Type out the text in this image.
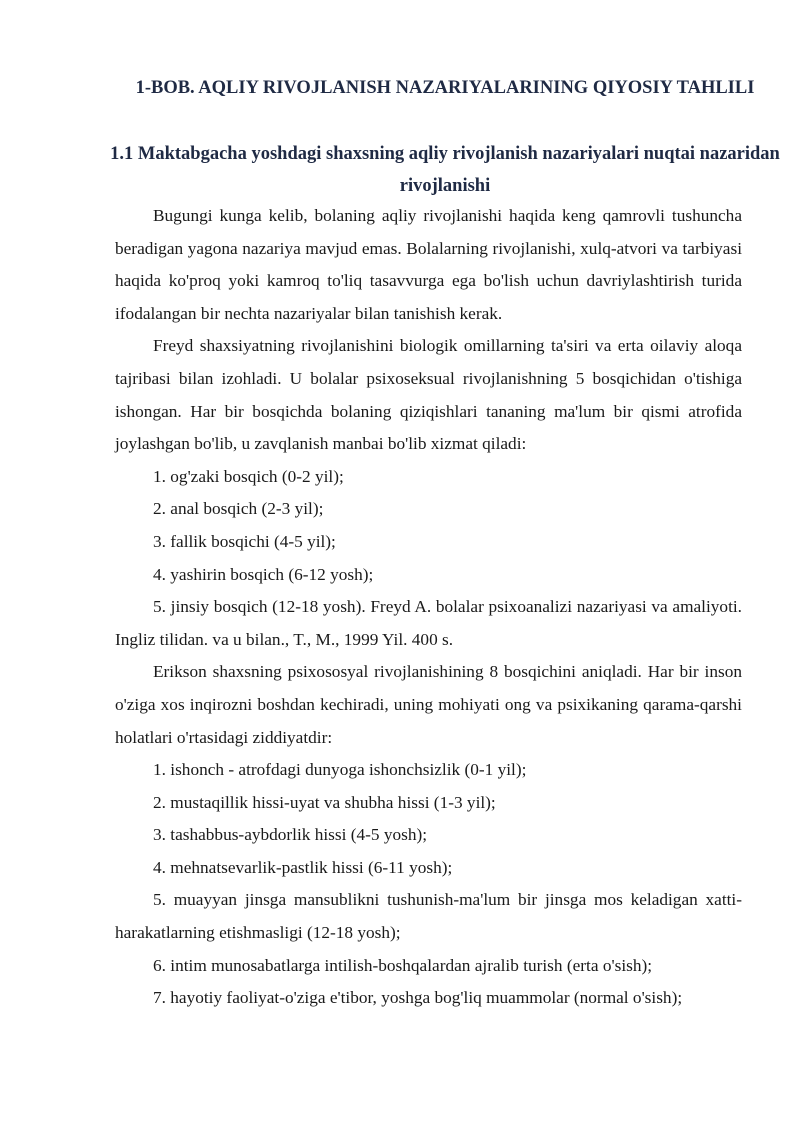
1-BOB. AQLIY RIVOJLANISH NAZARIYALARINING QIYOSIY TAHLILI
1.1 Maktabgacha yoshdagi shaxsning aqliy rivojlanish nazariyalari nuqtai nazaridan rivojlanishi

Bugungi kunga kelib, bolaning aqliy rivojlanishi haqida keng qamrovli tushuncha beradigan yagona nazariya mavjud emas. Bolalarning rivojlanishi, xulq-atvori va tarbiyasi haqida ko'proq yoki kamroq to'liq tasavvurga ega bo'lish uchun davriylashtirish turida ifodalangan bir nechta nazariyalar bilan tanishish kerak.

Freyd shaxsiyatning rivojlanishini biologik omillarning ta'siri va erta oilaviy aloqa tajribasi bilan izohladi. U bolalar psixoseksual rivojlanishning 5 bosqichidan o'tishiga ishongan. Har bir bosqichda bolaning qiziqishlari tananing ma'lum bir qismi atrofida joylashgan bo'lib, u zavqlanish manbai bo'lib xizmat qiladi:

1. og'zaki bosqich (0-2 yil);

2. anal bosqich (2-3 yil);

3. fallik bosqichi (4-5 yil);

4. yashirin bosqich (6-12 yosh);

5. jinsiy bosqich (12-18 yosh). Freyd A. bolalar psixoanalizi nazariyasi va amaliyoti. Ingliz tilidan. va u bilan., T., M., 1999 Yil. 400 s.

Erikson shaxsning psixososyal rivojlanishining 8 bosqichini aniqladi. Har bir inson o'ziga xos inqirozni boshdan kechiradi, uning mohiyati ong va psixikaning qarama-qarshi holatlari o'rtasidagi ziddiyatdir:

1. ishonch - atrofdagi dunyoga ishonchsizlik (0-1 yil);

2. mustaqillik hissi-uyat va shubha hissi (1-3 yil);

3. tashabbus-aybdorlik hissi (4-5 yosh);

4. mehnatsevarlik-pastlik hissi (6-11 yosh);

5. muayyan jinsga mansublikni tushunish-ma'lum bir jinsga mos keladigan xatti-harakatlarning etishmasligi (12-18 yosh);

6. intim munosabatlarga intilish-boshqalardan ajralib turish (erta o'sish);

7. hayotiy faoliyat-o'ziga e'tibor, yoshga bog'liq muammolar (normal o'sish);
